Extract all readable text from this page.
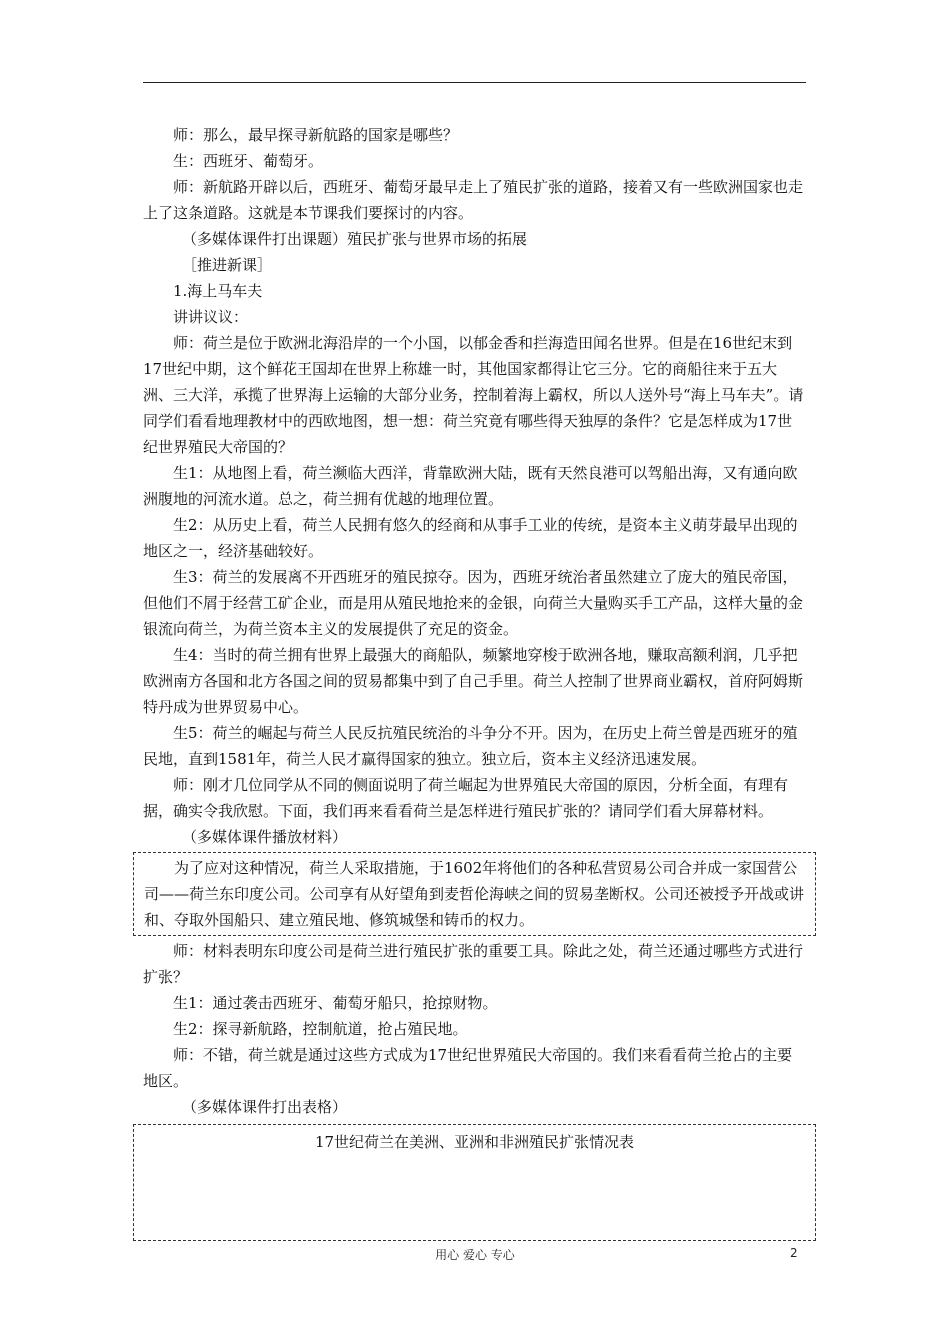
师：那么，最早探寻新航路的国家是哪些？

生：西班牙、葡萄牙。

师：新航路开辟以后，西班牙、葡萄牙最早走上了殖民扩张的道路，接着又有一些欧洲国家也走上了这条道路。这就是本节课我们要探讨的内容。

（多媒体课件打出课题）殖民扩张与世界市场的拓展

［推进新课］

1.海上马车夫

讲讲议议：

师：荷兰是位于欧洲北海沿岸的一个小国，以郁金香和拦海造田闻名世界。但是在16世纪末到17世纪中期，这个鲜花王国却在世界上称雄一时，其他国家都得让它三分。它的商船往来于五大洲、三大洋，承揽了世界海上运输的大部分业务，控制着海上霸权，所以人送外号“海上马车夫”。请同学们看看地理教材中的西欧地图，想一想：荷兰究竟有哪些得天独厚的条件？它是怎样成为17世纪世界殖民大帝国的？

生1：从地图上看，荷兰濒临大西洋，背靠欧洲大陆，既有天然良港可以驾船出海，又有通向欧洲腹地的河流水道。总之，荷兰拥有优越的地理位置。

生2：从历史上看，荷兰人民拥有悠久的经商和从事手工业的传统，是资本主义萌芽最早出现的地区之一，经济基础较好。

生3：荷兰的发展离不开西班牙的殖民掠夺。因为，西班牙统治者虽然建立了庞大的殖民帝国，但他们不屑于经营工矿企业，而是用从殖民地抢来的金银，向荷兰大量购买手工产品，这样大量的金银流向荷兰，为荷兰资本主义的发展提供了充足的资金。

生4：当时的荷兰拥有世界上最强大的商船队，频繁地穿梭于欧洲各地，赚取高额利润，几乎把欧洲南方各国和北方各国之间的贸易都集中到了自己手里。荷兰人控制了世界商业霸权，首府阿姆斯特丹成为世界贸易中心。

生5：荷兰的崛起与荷兰人民反抗殖民统治的斗争分不开。因为，在历史上荷兰曾是西班牙的殖民地，直到1581年，荷兰人民才赢得国家的独立。独立后，资本主义经济迅速发展。

师：刚才几位同学从不同的侧面说明了荷兰崛起为世界殖民大帝国的原因，分析全面，有理有据，确实令我欣慰。下面，我们再来看看荷兰是怎样进行殖民扩张的？请同学们看大屏幕材料。

（多媒体课件播放材料）

为了应对这种情况，荷兰人采取措施，于1602年将他们的各种私营贸易公司合并成一家国营公司——荷兰东印度公司。公司享有从好望角到麦哲伦海峡之间的贸易垄断权。公司还被授予开战或讲和、夺取外国船只、建立殖民地、修筑城堡和铸币的权力。

师：材料表明东印度公司是荷兰进行殖民扩张的重要工具。除此之处，荷兰还通过哪些方式进行扩张？

生1：通过袭击西班牙、葡萄牙船只，抢掠财物。

生2：探寻新航路，控制航道，抢占殖民地。

师：不错，荷兰就是通过这些方式成为17世纪世界殖民大帝国的。我们来看看荷兰抢占的主要地区。

（多媒体课件打出表格）

17世纪荷兰在美洲、亚洲和非洲殖民扩张情况表
用心 爱心 专心	2
